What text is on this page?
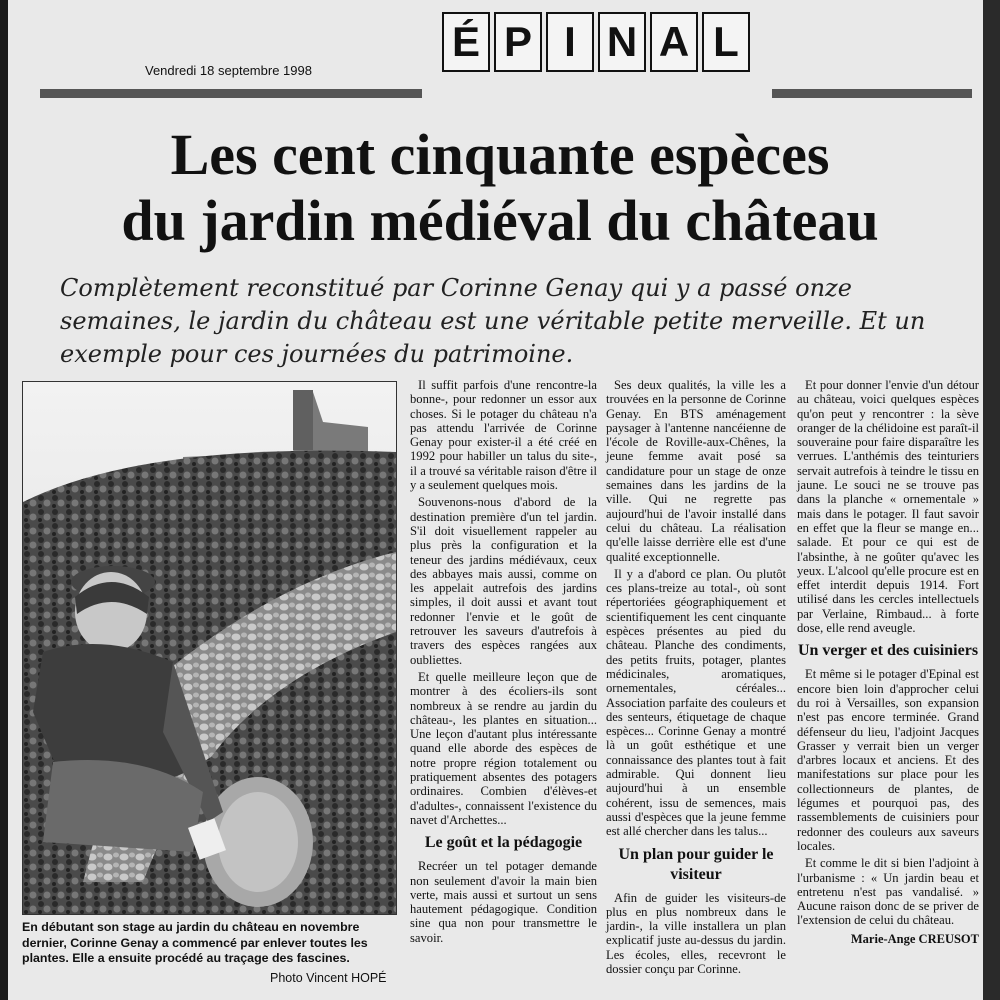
Vendredi 18 septembre 1998
É P I N A L
Les cent cinquante espèces
du jardin médiéval du château
Complètement reconstitué par Corinne Genay qui y a passé onze semaines, le jardin du château est une véritable petite merveille. Et un exemple pour ces journées du patrimoine.
En débutant son stage au jardin du château en novembre dernier, Corinne Genay a commencé par enlever toutes les plantes. Elle a ensuite procédé au traçage des fascines.
Photo Vincent HOPÉ

Il suffit parfois d'une rencontre-la bonne-, pour redonner un essor aux choses. Si le potager du château n'a pas attendu l'arrivée de Corinne Genay pour exister-il a été créé en 1992 pour habiller un talus du site-, il a trouvé sa véritable raison d'être il y a seulement quelques mois.

Souvenons-nous d'abord de la destination première d'un tel jardin. S'il doit visuellement rappeler au plus près la configuration et la teneur des jardins médiévaux, ceux des abbayes mais aussi, comme on les appelait autrefois des jardins simples, il doit aussi et avant tout redonner l'envie et le goût de retrouver les saveurs d'autrefois à travers des espèces rangées aux oubliettes.

Et quelle meilleure leçon que de montrer à des écoliers-ils sont nombreux à se rendre au jardin du château-, les plantes en situation... Une leçon d'autant plus intéressante quand elle aborde des espèces de notre propre région totalement ou pratiquement absentes des potagers ordinaires. Combien d'élèves-et d'adultes-, connaissent l'existence du navet d'Archettes...

Le goût et la pédagogie

Recréer un tel potager demande non seulement d'avoir la main bien verte, mais aussi et surtout un sens hautement pédagogique. Condition sine qua non pour transmettre le savoir.

Ses deux qualités, la ville les a trouvées en la personne de Corinne Genay. En BTS aménagement paysager à l'antenne nancéienne de l'école de Roville-aux-Chênes, la jeune femme avait posé sa candidature pour un stage de onze semaines dans les jardins de la ville. Qui ne regrette pas aujourd'hui de l'avoir installé dans celui du château. La réalisation qu'elle laisse derrière elle est d'une qualité exceptionnelle.

Il y a d'abord ce plan. Ou plutôt ces plans-treize au total-, où sont répertoriées géographiquement et scientifiquement les cent cinquante espèces présentes au pied du château. Planche des condiments, des petits fruits, potager, plantes médicinales, aromatiques, ornementales, céréales... Association parfaite des couleurs et des senteurs, étiquetage de chaque espèces... Corinne Genay a montré là un goût esthétique et une connaissance des plantes tout à fait admirable. Qui donnent lieu aujourd'hui à un ensemble cohérent, issu de semences, mais aussi d'espèces que la jeune femme est allé chercher dans les talus...

Un plan pour guider le visiteur

Afin de guider les visiteurs-de plus en plus nombreux dans le jardin-, la ville installera un plan explicatif juste au-dessus du jardin. Les écoles, elles, recevront le dossier conçu par Corinne.

Et pour donner l'envie d'un détour au château, voici quelques espèces qu'on peut y rencontrer : la sève oranger de la chélidoine est paraît-il souveraine pour faire disparaître les verrues. L'anthémis des teinturiers servait autrefois à teindre le tissu en jaune. Le souci ne se trouve pas dans la planche « ornementale » mais dans le potager. Il faut savoir en effet que la fleur se mange en... salade. Et pour ce qui est de l'absinthe, à ne goûter qu'avec les yeux. L'alcool qu'elle procure est en effet interdit depuis 1914. Fort utilisé dans les cercles intellectuels par Verlaine, Rimbaud... à forte dose, elle rend aveugle.

Un verger et des cuisiniers

Et même si le potager d'Epinal est encore bien loin d'approcher celui du roi à Versailles, son expansion n'est pas encore terminée. Grand défenseur du lieu, l'adjoint Jacques Grasser y verrait bien un verger d'arbres locaux et anciens. Et des manifestations sur place pour les collectionneurs de plantes, de légumes et pourquoi pas, des rassemblements de cuisiniers pour redonner des couleurs aux saveurs locales.

Et comme le dit si bien l'adjoint à l'urbanisme : « Un jardin beau et entretenu n'est pas vandalisé. » Aucune raison donc de se priver de l'extension de celui du château.

Marie-Ange CREUSOT
